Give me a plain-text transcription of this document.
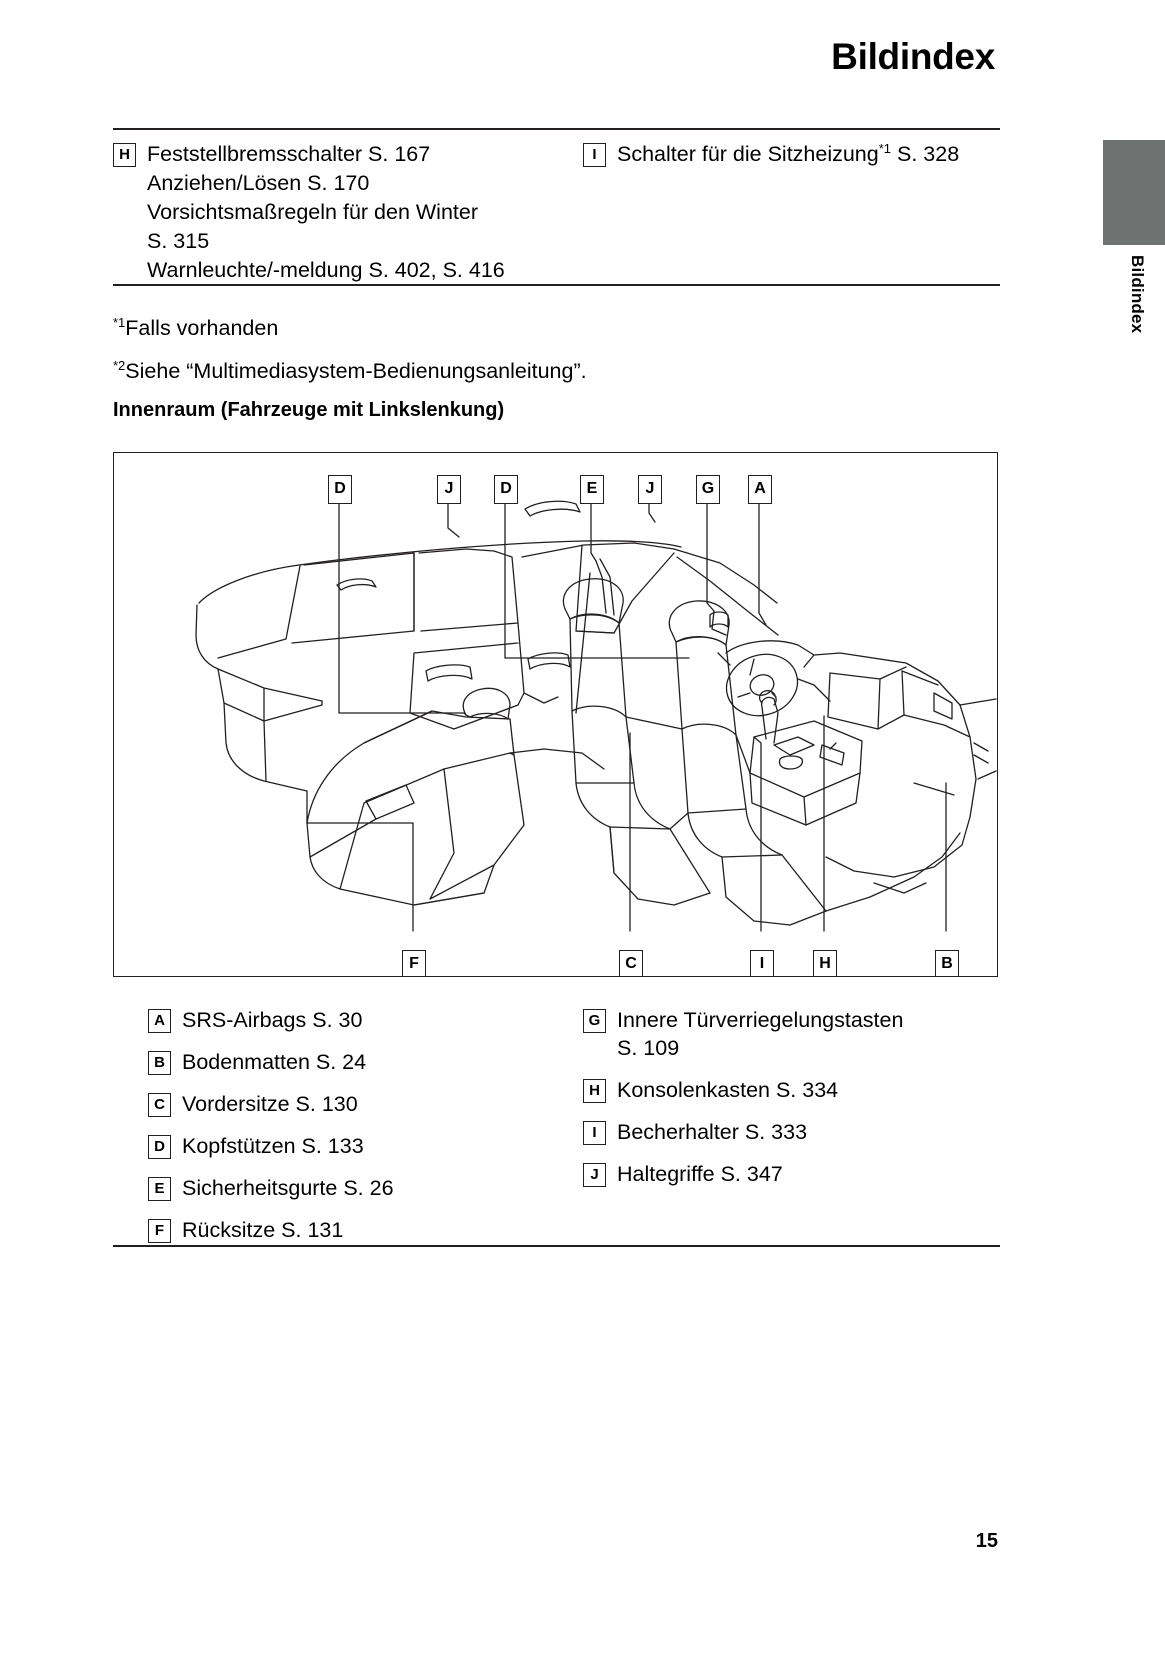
Bildindex
Bildindex
H Feststellbremsschalter S. 167
Anziehen/Lösen S. 170
Vorsichtsmaßregeln für den Winter
S. 315
Warnleuchte/-meldung S. 402, S. 416
I Schalter für die Sitzheizung$^{*1}$ S. 328
$^{*1}$Falls vorhanden
$^{*2}$Siehe “Multimediasystem-Bedienungsanleitung”.
Innenraum (Fahrzeuge mit Linkslenkung)
D	J	D	E	J	G	A
F	C	I	H	B
A SRS-Airbags S. 30
B Bodenmatten S. 24
C Vordersitze S. 130
D Kopfstützen S. 133
E Sicherheitsgurte S. 26
F Rücksitze S. 131
G Innere Türverriegelungstasten
S. 109
H Konsolenkasten S. 334
I Becherhalter S. 333
J Haltegriffe S. 347
15
